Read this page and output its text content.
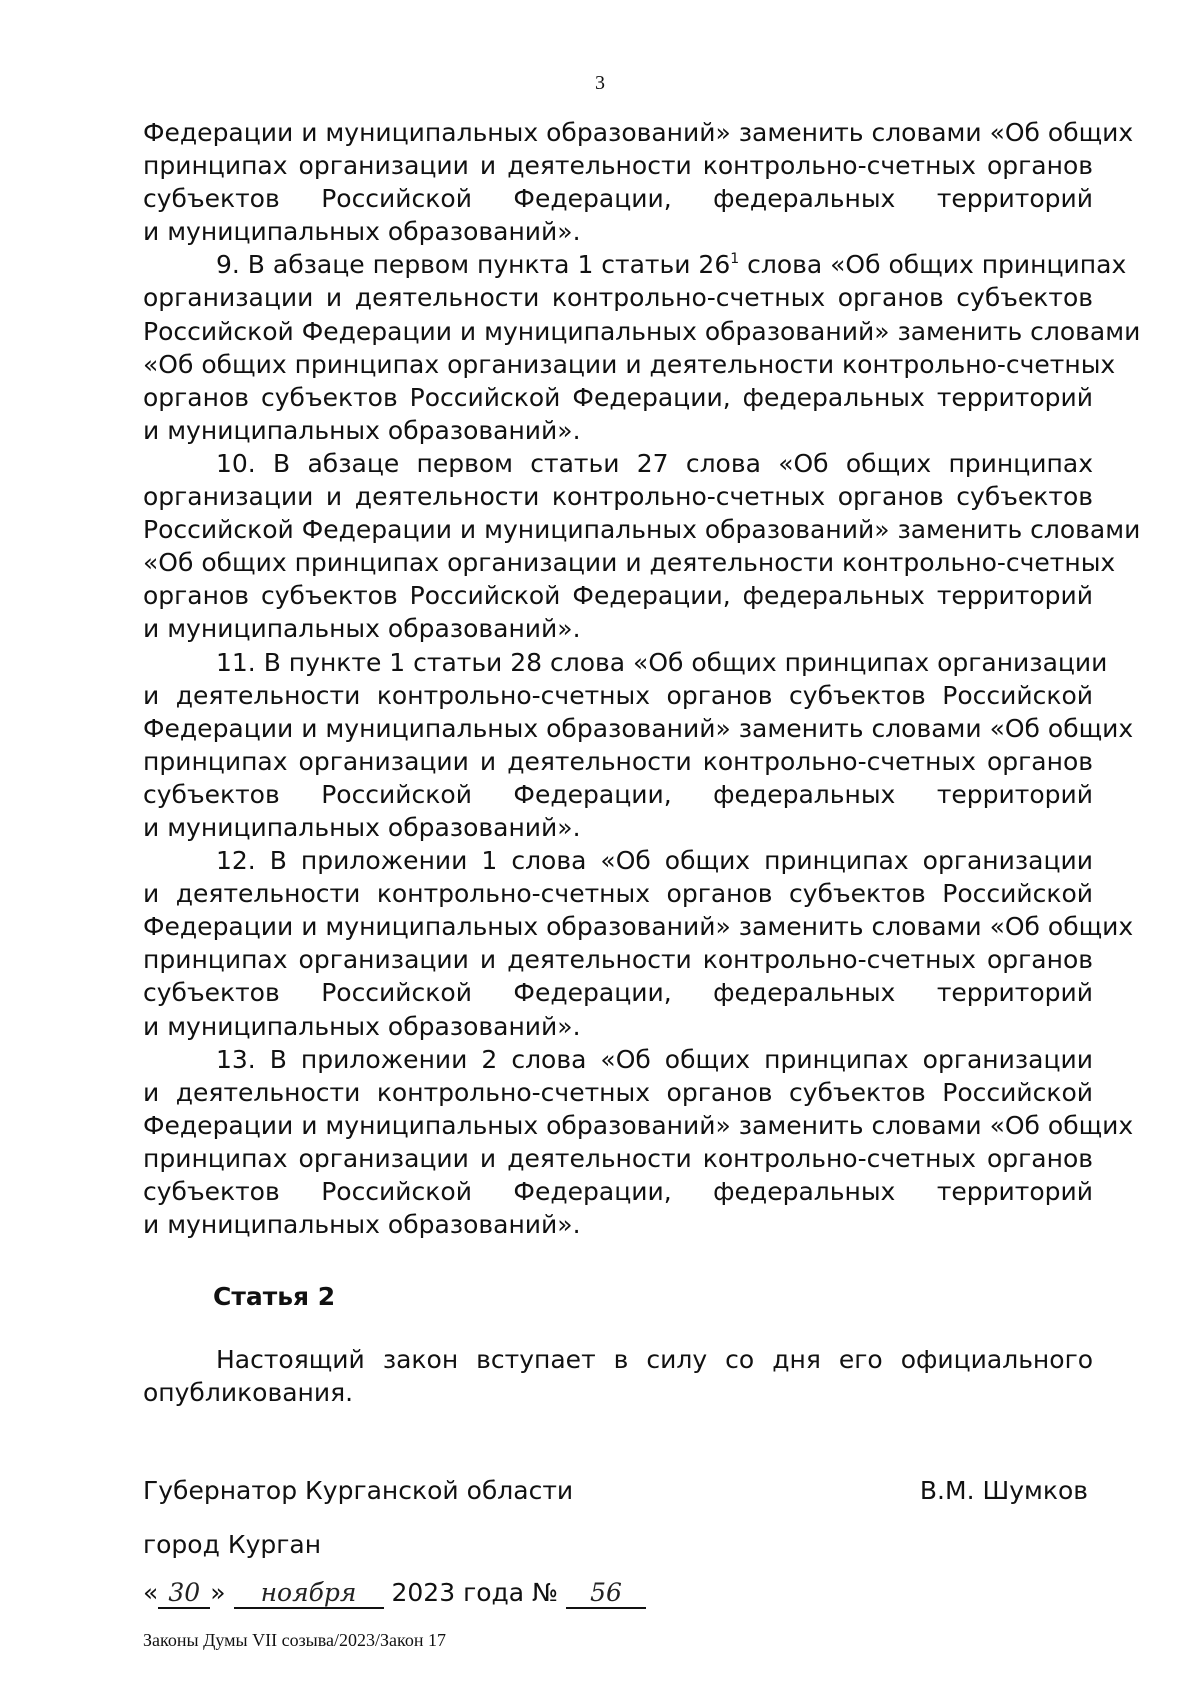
3
Федерации и муниципальных образований» заменить словами «Об общих
принципах организации и деятельности контрольно-счетных органов
субъектов Российской Федерации, федеральных территорий
и муниципальных образований».
9. В абзаце первом пункта 1 статьи $26^1$ слова «Об общих принципах
организации и деятельности контрольно-счетных органов субъектов
Российской Федерации и муниципальных образований» заменить словами
«Об общих принципах организации и деятельности контрольно-счетных
органов субъектов Российской Федерации, федеральных территорий
и муниципальных образований».
10. В абзаце первом статьи 27 слова «Об общих принципах
организации и деятельности контрольно-счетных органов субъектов
Российской Федерации и муниципальных образований» заменить словами
«Об общих принципах организации и деятельности контрольно-счетных
органов субъектов Российской Федерации, федеральных территорий
и муниципальных образований».
11. В пункте 1 статьи 28 слова «Об общих принципах организации
и деятельности контрольно-счетных органов субъектов Российской
Федерации и муниципальных образований» заменить словами «Об общих
принципах организации и деятельности контрольно-счетных органов
субъектов Российской Федерации, федеральных территорий
и муниципальных образований».
12. В приложении 1 слова «Об общих принципах организации
и деятельности контрольно-счетных органов субъектов Российской
Федерации и муниципальных образований» заменить словами «Об общих
принципах организации и деятельности контрольно-счетных органов
субъектов Российской Федерации, федеральных территорий
и муниципальных образований».
13. В приложении 2 слова «Об общих принципах организации
и деятельности контрольно-счетных органов субъектов Российской
Федерации и муниципальных образований» заменить словами «Об общих
принципах организации и деятельности контрольно-счетных органов
субъектов Российской Федерации, федеральных территорий
и муниципальных образований».
Статья 2
Настоящий закон вступает в силу со дня его официального
опубликования.
Губернатор Курганской области	В.М. Шумков
город Курган
« 30 » ноября 2023 года № 56
Законы Думы VII созыва/2023/Закон 17
